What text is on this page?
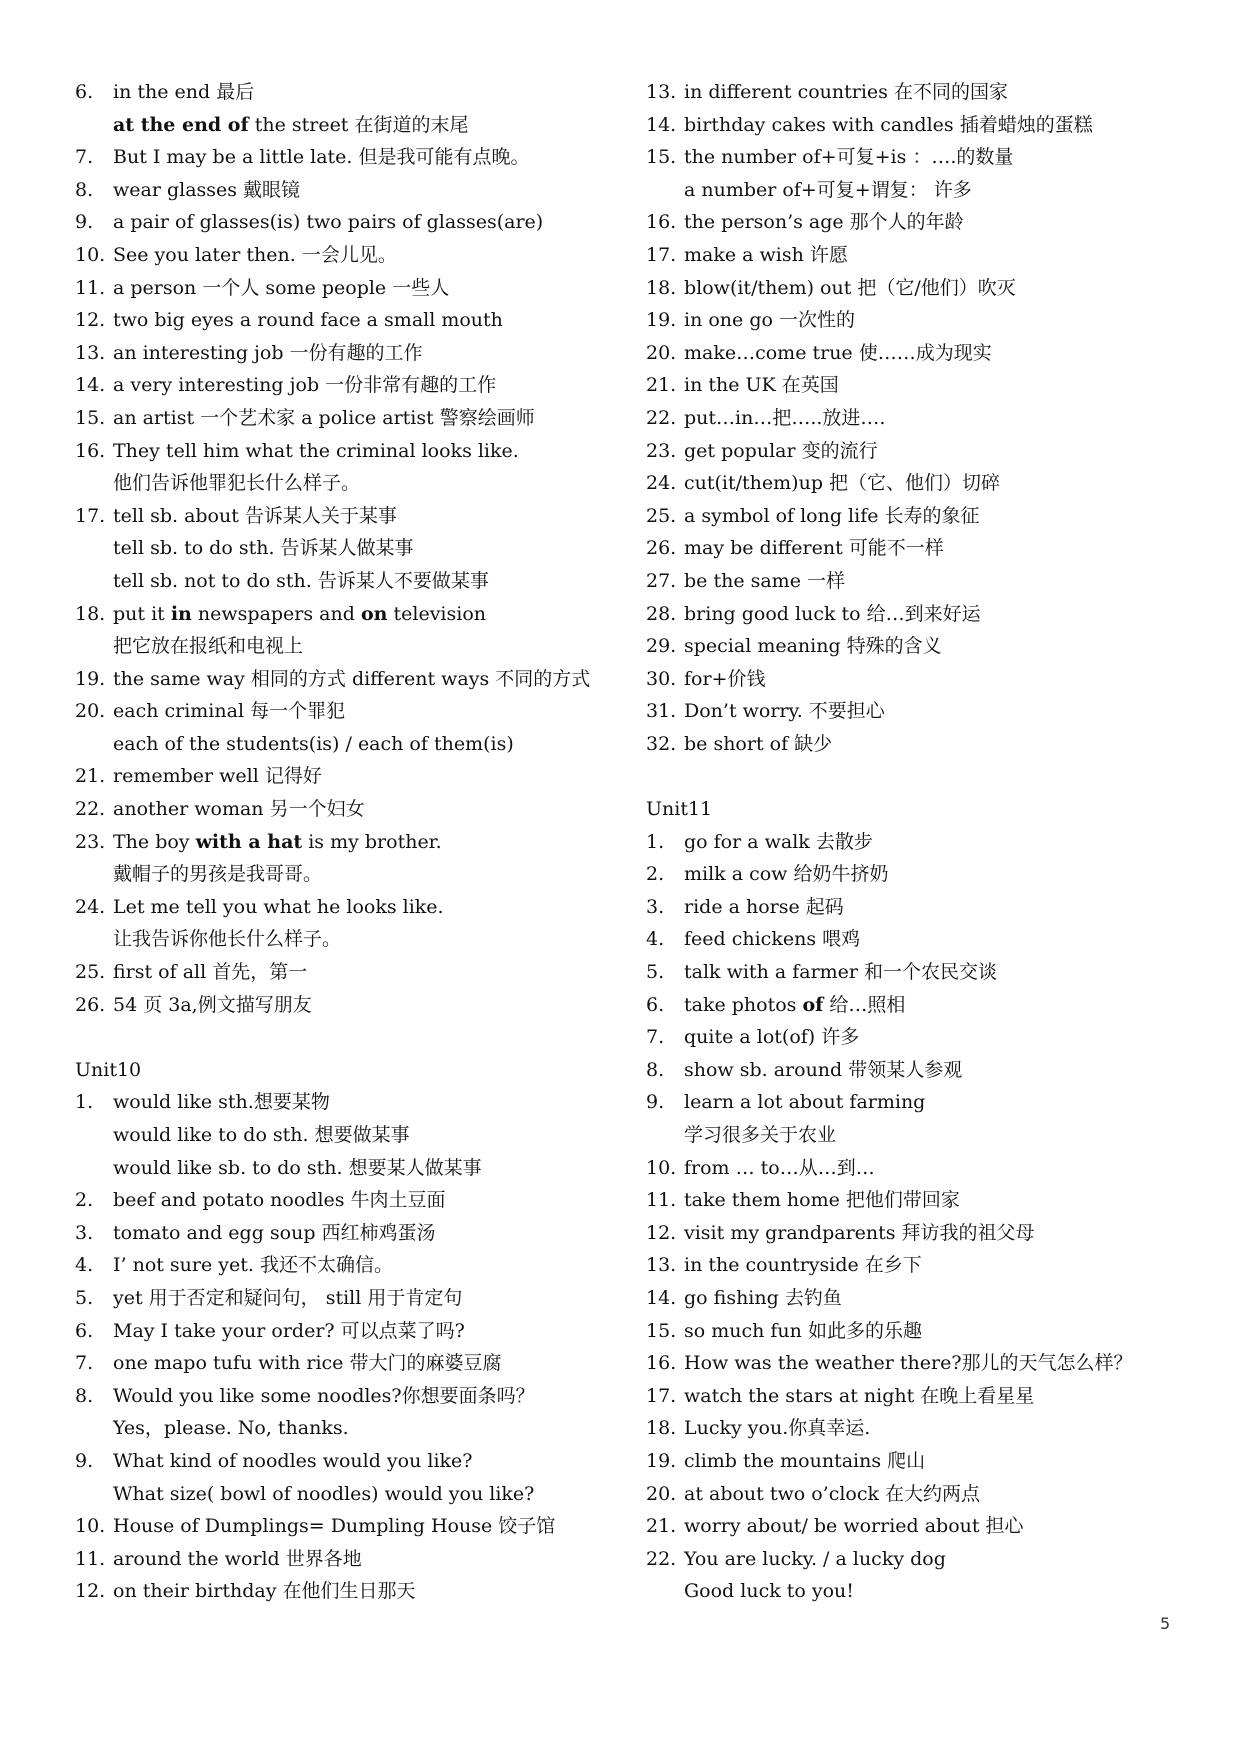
6. in the end 最后
at the end of the street 在街道的末尾
7. But I may be a little late. 但是我可能有点晚。
8. wear glasses 戴眼镜
9. a pair of glasses(is) two pairs of glasses(are)
10. See you later then. 一会儿见。
11. a person 一个人 some people 一些人
12. two big eyes a round face a small mouth
13. an interesting job 一份有趣的工作
14. a very interesting job 一份非常有趣的工作
15. an artist 一个艺术家 a police artist 警察绘画师
16. They tell him what the criminal looks like.
他们告诉他罪犯长什么样子。
17. tell sb. about 告诉某人关于某事
tell sb. to do sth. 告诉某人做某事
tell sb. not to do sth. 告诉某人不要做某事
18. put it in newspapers and on television
把它放在报纸和电视上
19. the same way 相同的方式 different ways 不同的方式
20. each criminal 每一个罪犯
each of the students(is) / each of them(is)
21. remember well 记得好
22. another woman 另一个妇女
23. The boy with a hat is my brother.
戴帽子的男孩是我哥哥。
24. Let me tell you what he looks like.
让我告诉你他长什么样子。
25. first of all 首先，第一
26. 54 页 3a,例文描写朋友
Unit10
1. would like sth.想要某物
would like to do sth. 想要做某事
would like sb. to do sth. 想要某人做某事
2. beef and potato noodles 牛肉土豆面
3. tomato and egg soup 西红柿鸡蛋汤
4. I’ not sure yet. 我还不太确信。
5. yet 用于否定和疑问句， still 用于肯定句
6. May I take your order? 可以点菜了吗?
7. one mapo tufu with rice 带大门的麻婆豆腐
8. Would you like some noodles?你想要面条吗？
Yes，please. No, thanks.
9. What kind of noodles would you like?
What size( bowl of noodles) would you like?
10. House of Dumplings= Dumpling House 饺子馆
11. around the world 世界各地
12. on their birthday 在他们生日那天
13. in different countries 在不同的国家
14. birthday cakes with candles 插着蜡烛的蛋糕
15. the number of+可复+is ：….的数量
a number of+可复+谓复： 许多
16. the person’s age 那个人的年龄
17. make a wish 许愿
18. blow(it/them) out 把（它/他们）吹灭
19. in one go 一次性的
20. make…come true 使……成为现实
21. in the UK 在英国
22. put…in…把…..放进….
23. get popular 变的流行
24. cut(it/them)up 把（它、他们）切碎
25. a symbol of long life 长寿的象征
26. may be different 可能不一样
27. be the same 一样
28. bring good luck to 给…到来好运
29. special meaning 特殊的含义
30. for+价钱
31. Don’t worry. 不要担心
32. be short of 缺少
Unit11
1. go for a walk 去散步
2. milk a cow 给奶牛挤奶
3. ride a horse 起码
4. feed chickens 喂鸡
5. talk with a farmer 和一个农民交谈
6. take photos of 给…照相
7. quite a lot(of) 许多
8. show sb. around 带领某人参观
9. learn a lot about farming
学习很多关于农业
10. from … to…从…到…
11. take them home 把他们带回家
12. visit my grandparents 拜访我的祖父母
13. in the countryside 在乡下
14. go fishing 去钓鱼
15. so much fun 如此多的乐趣
16. How was the weather there?那儿的天气怎么样？
17. watch the stars at night 在晚上看星星
18. Lucky you.你真幸运.
19. climb the mountains 爬山
20. at about two o’clock 在大约两点
21. worry about/ be worried about 担心
22. You are lucky. / a lucky dog
Good luck to you!
5
